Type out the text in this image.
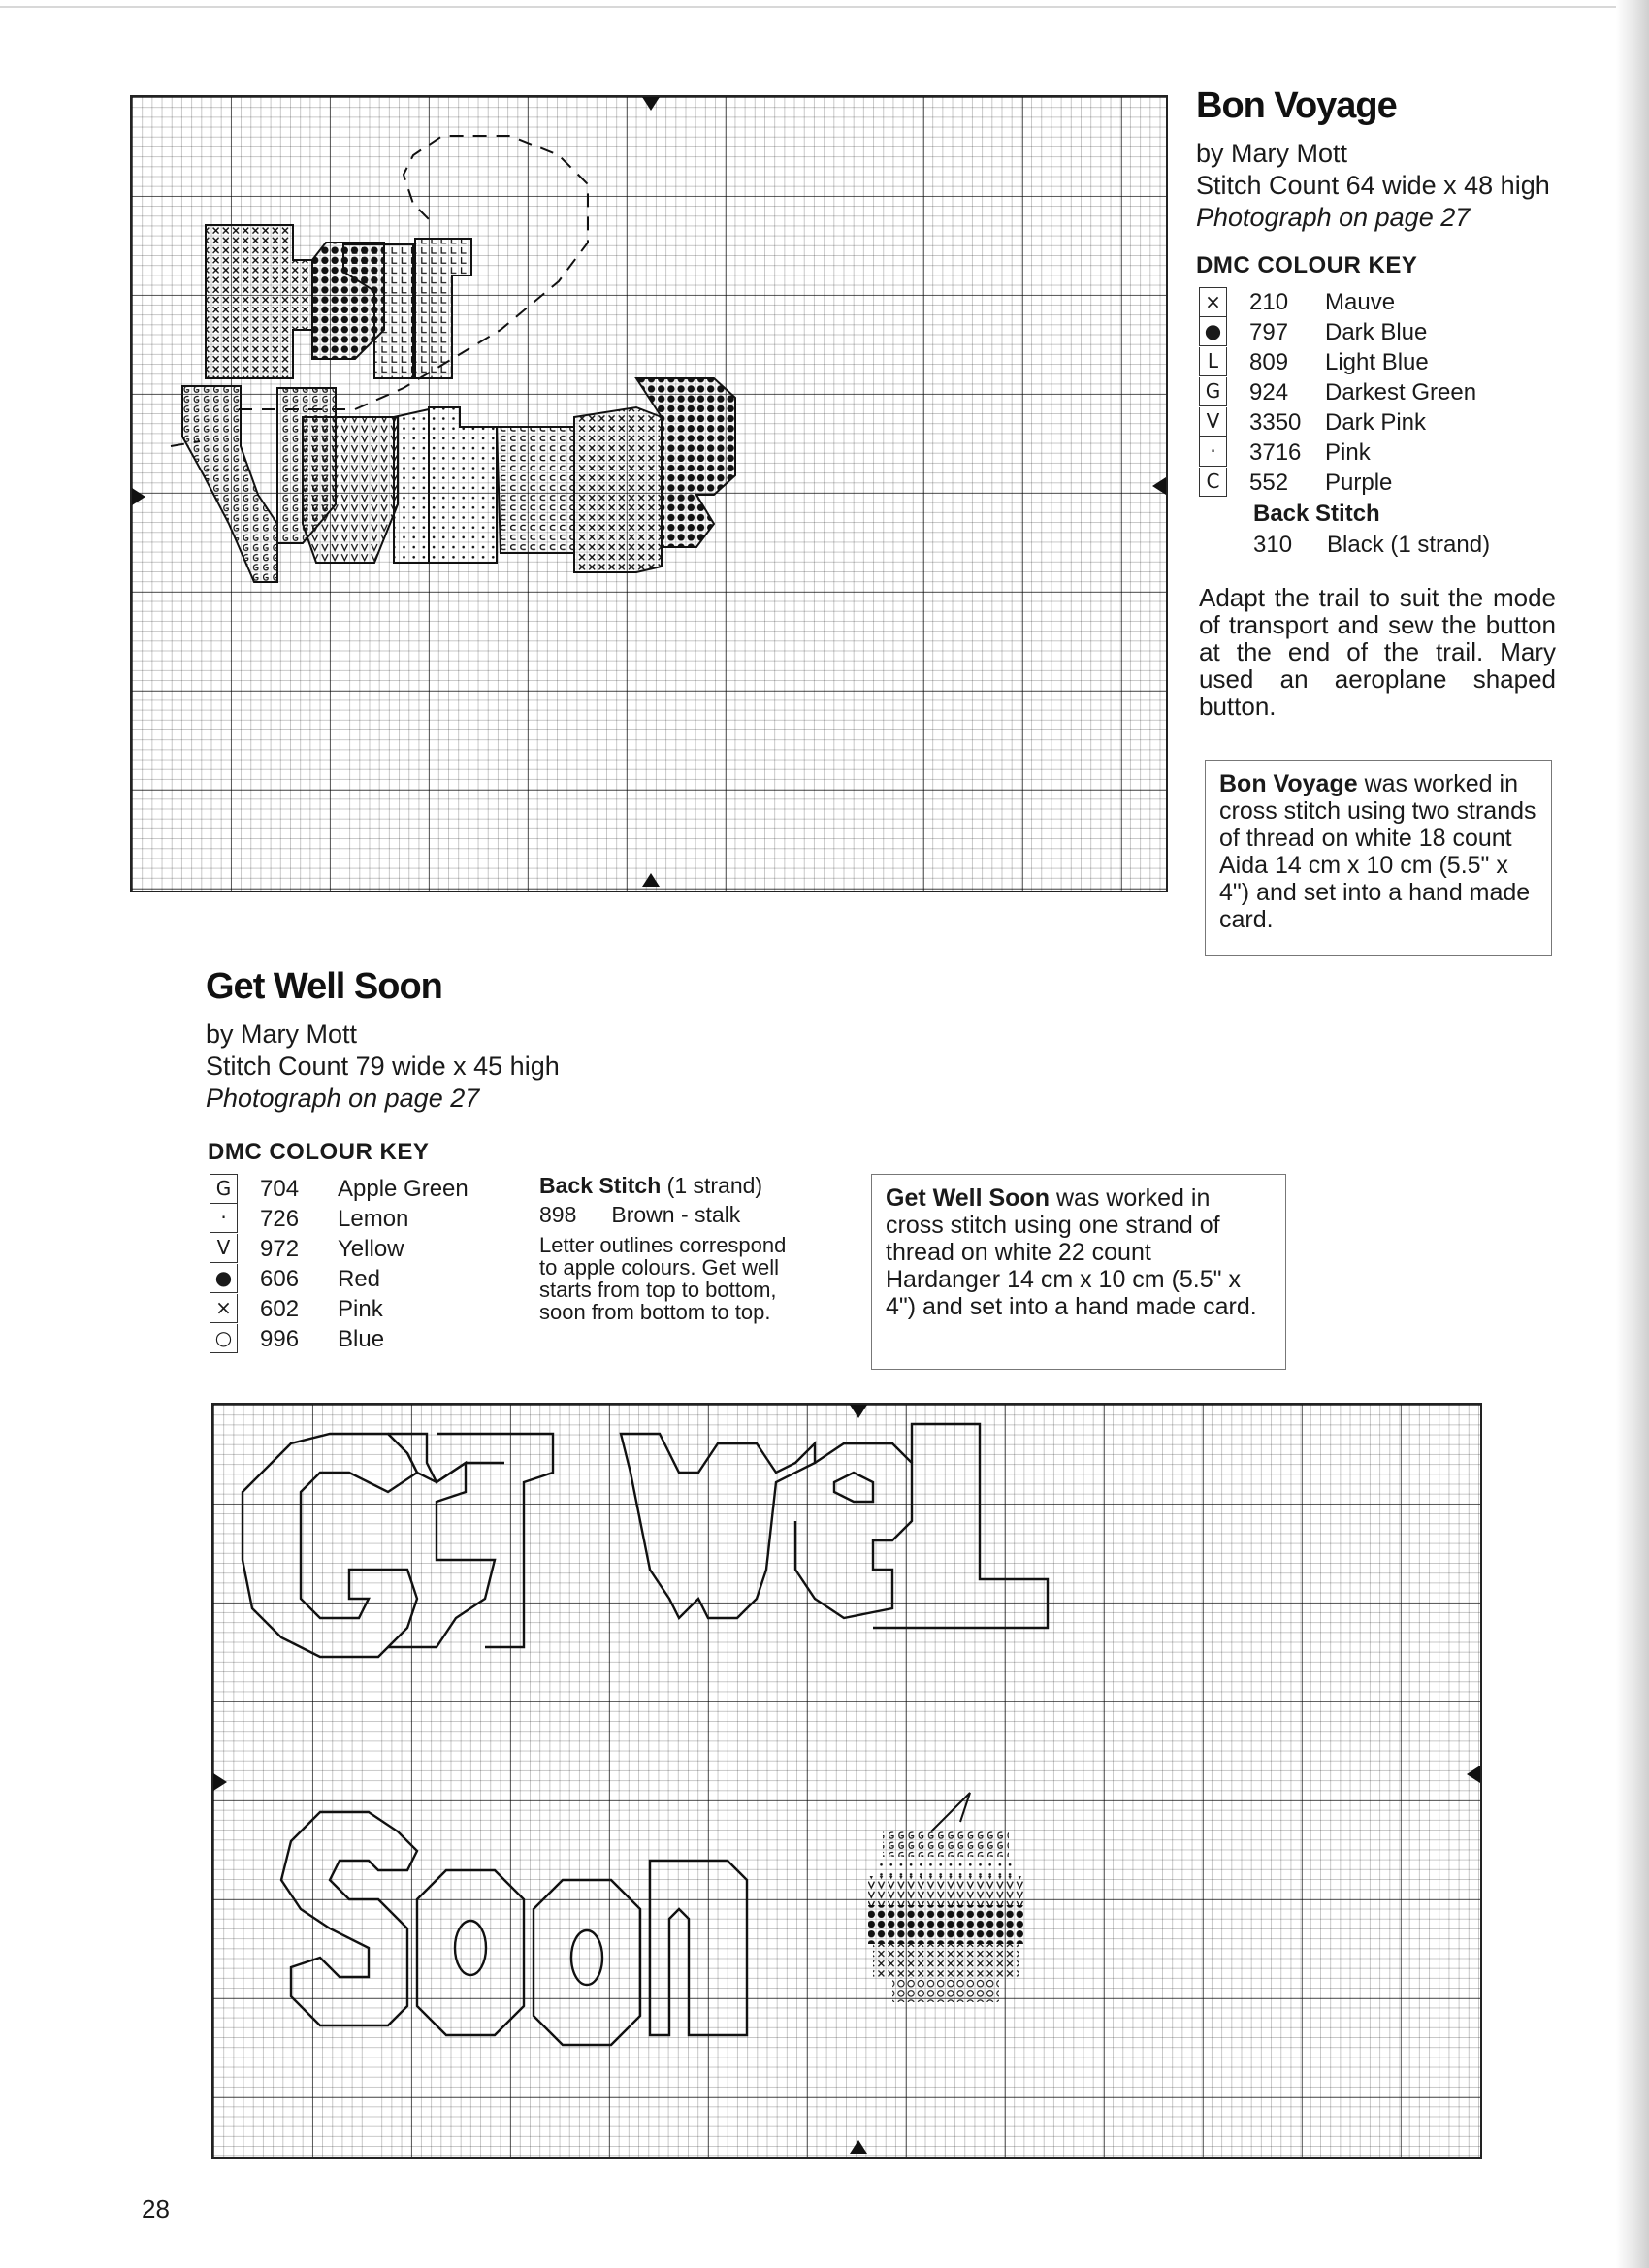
Bon Voyage
by Mary Mott
Stitch Count 64 wide x 48 high
Photograph on page 27
DMC COLOUR KEY
× 210 Mauve
● 797 Dark Blue
L	809 Light Blue
G 924 Darkest Green
V	3350 Dark Pink
·	3716 Pink
C	552 Purple
Back Stitch
310 Black (1 strand)
Adapt the trail to suit the mode of transport and sew the button at the end of the trail. Mary used an aeroplane shaped button.
Bon Voyage was worked in cross stitch using two strands of thread on white 18 count Aida 14 cm x 10 cm (5.5" x 4") and set into a hand made card.
Get Well Soon
by Mary Mott
Stitch Count 79 wide x 45 high
Photograph on page 27
DMC COLOUR KEY
G 704 Apple Green
·	726 Lemon
V	972 Yellow
● 606 Red
× 602 Pink
○ 996 Blue
Back Stitch (1 strand)
898 Brown - stalk
Letter outlines correspond
to apple colours. Get well
starts from top to bottom,
soon from bottom to top.
Get Well Soon was worked in cross stitch using one strand of thread on white 22 count Hardanger 14 cm x 10 cm (5.5" x 4") and set into a hand made card.
28
